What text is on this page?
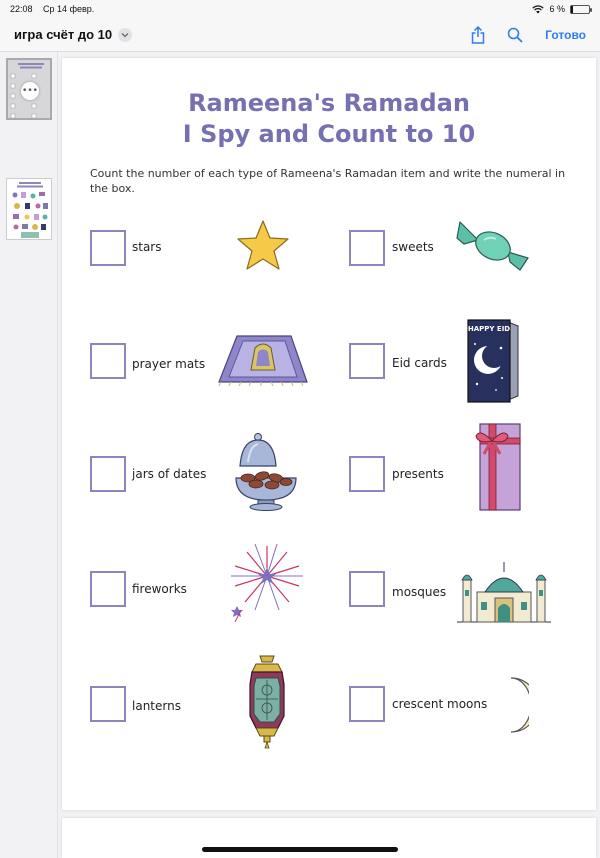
22:08 Ср 14 февр.	6 %
игра счёт до 10	Готово
•••	Rameena's Ramadan
I Spy and Count to 10
Count the number of each type of Rameena's Ramadan item and write the numeral in the box.
stars	sweets
prayer mats	Eid cards
HAPPY EID
jars of dates	presents
fireworks	mosques
lanterns	crescent moons
